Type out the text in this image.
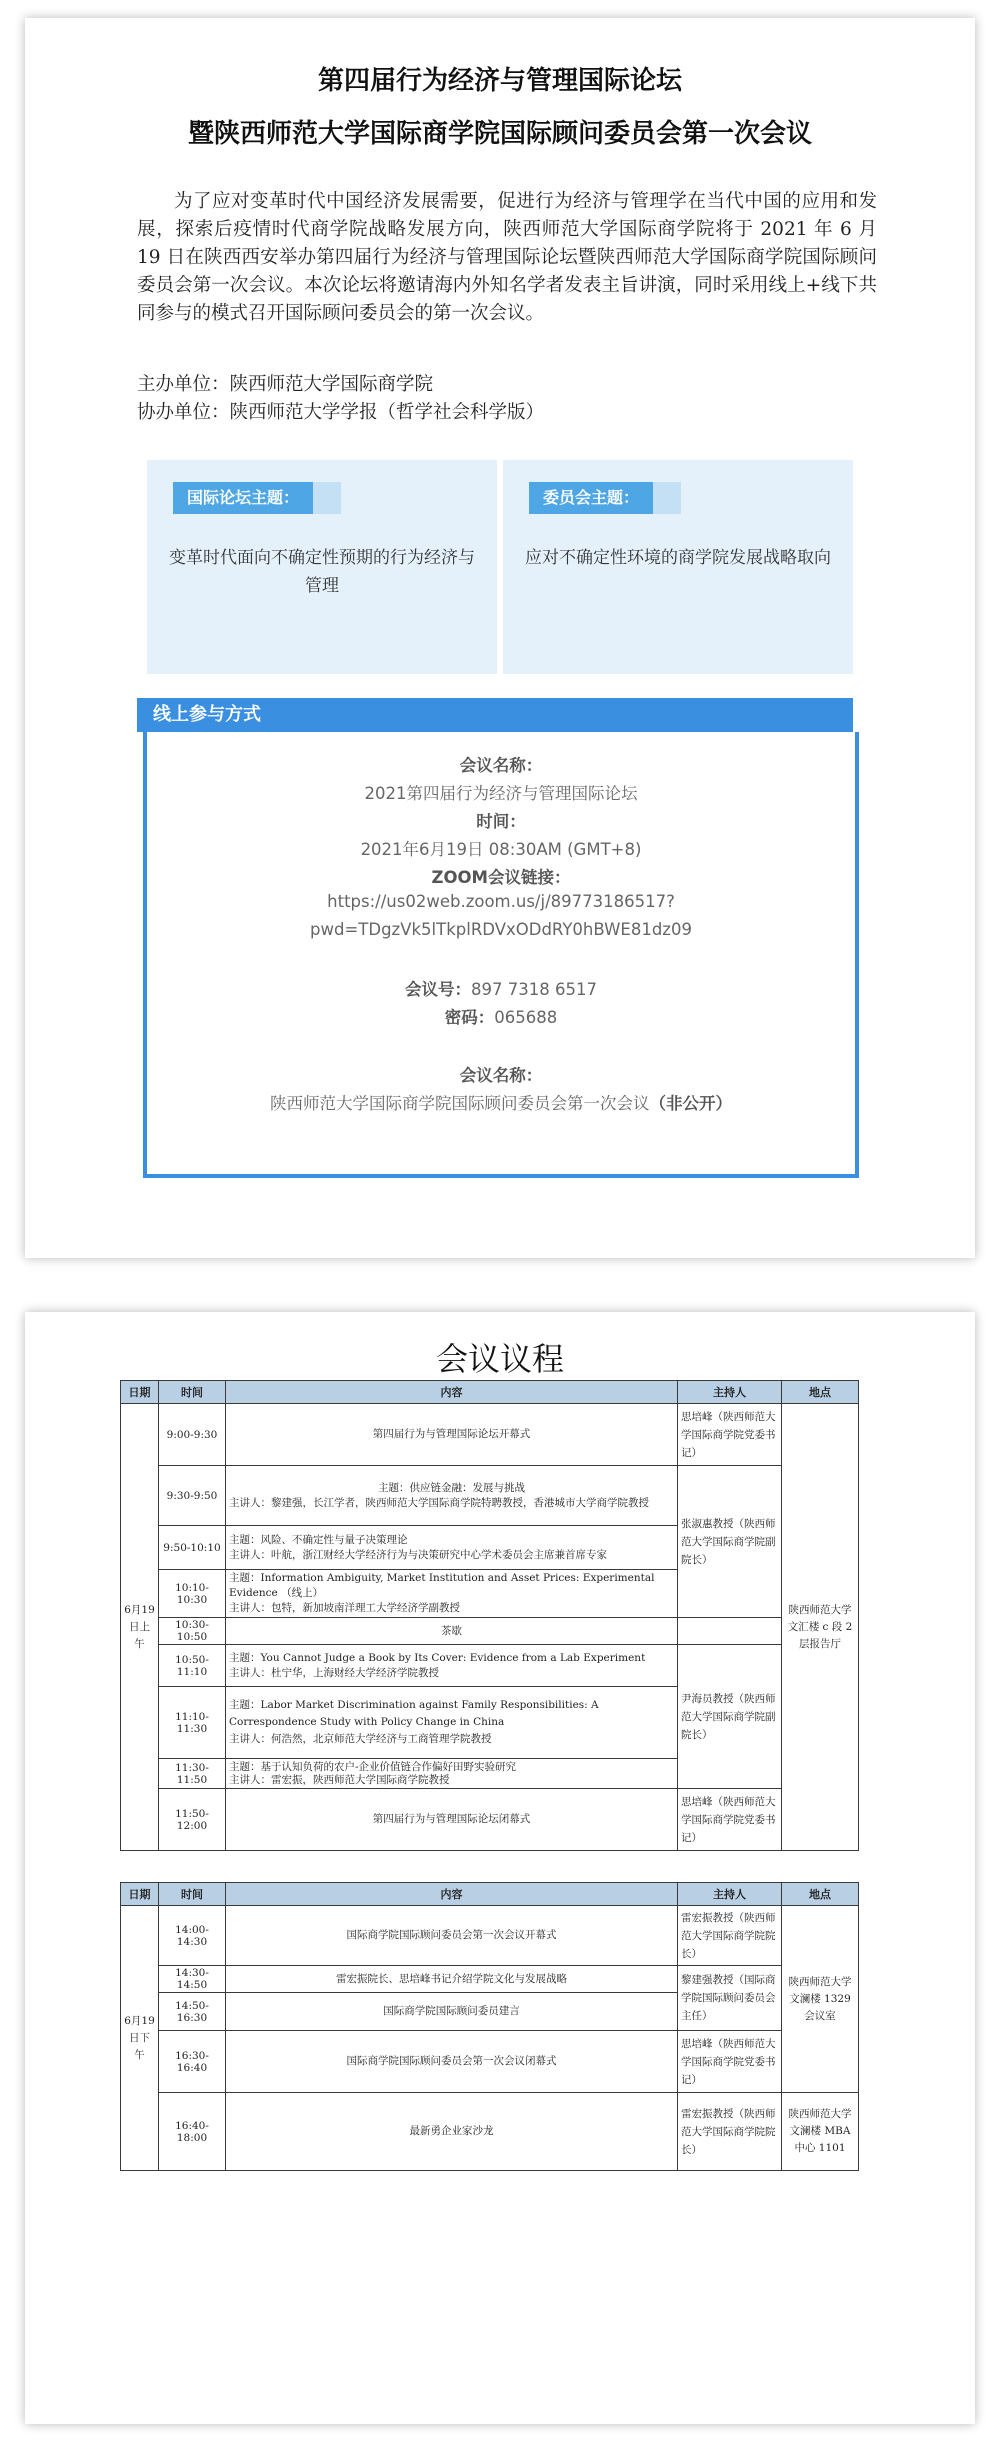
第四届行为经济与管理国际论坛
暨陕西师范大学国际商学院国际顾问委员会第一次会议

为了应对变革时代中国经济发展需要，促进行为经济与管理学在当代中国的应用和发展，探索后疫情时代商学院战略发展方向，陕西师范大学国际商学院将于 2021 年 6 月 19 日在陕西西安举办第四届行为经济与管理国际论坛暨陕西师范大学国际商学院国际顾问委员会第一次会议。本次论坛将邀请海内外知名学者发表主旨讲演，同时采用线上+线下共同参与的模式召开国际顾问委员会的第一次会议。

主办单位：陕西师范大学国际商学院
协办单位：陕西师范大学学报（哲学社会科学版）
国际论坛主题：
变革时代面向不确定性预期的行为经济与管理
委员会主题：
应对不确定性环境的商学院发展战略取向
线上参与方式
会议名称：
2021第四届行为经济与管理国际论坛
时间：
2021年6月19日 08:30AM (GMT+8)
ZOOM会议链接：
https://us02web.zoom.us/j/89773186517?
pwd=TDgzVk5lTkplRDVxODdRY0hBWE81dz09
会议号：897 7318 6517
密码：065688
会议名称：
陕西师范大学国际商学院国际顾问委员会第一次会议（非公开）
会议议程
日期	时间	内容	主持人	地点
6月19日上午	9:00-9:30	第四届行为与管理国际论坛开幕式	思培峰（陕西师范大学国际商学院党委书记）	陕西师范大学文汇楼 c 段 2 层报告厅
	9:30-9:50	主题：供应链金融：发展与挑战
主讲人：黎建强，长江学者，陕西师范大学国际商学院特聘教授，香港城市大学商学院教授	张淑惠教授（陕西师范大学国际商学院副院长）	
	9:50-10:10	主题：风险、不确定性与量子决策理论
主讲人：叶航，浙江财经大学经济行为与决策研究中心学术委员会主席兼首席专家		

	10:10-10:30	主题：Information Ambiguity, Market Institution and Asset Prices: Experimental Evidence （线上）
主讲人：包特，新加坡南洋理工大学经济学副教授		

	10:30-10:50	茶歇		
	10:50-11:10	主题：You Cannot Judge a Book by Its Cover: Evidence from a Lab Experiment
主讲人：杜宁华，上海财经大学经济学院教授	尹海员教授（陕西师范大学国际商学院副院长）	
	11:10-11:30	主题：Labor Market Discrimination against Family Responsibilities: A Correspondence Study with Policy Change in China
主讲人：何浩然，北京师范大学经济与工商管理学院教授		

	11:30-11:50	主题：基于认知负荷的农户-企业价值链合作偏好田野实验研究
主讲人：雷宏振，陕西师范大学国际商学院教授		

	11:50-12:00	第四届行为与管理国际论坛闭幕式	思培峰（陕西师范大学国际商学院党委书记）	
日期	时间	内容	主持人	地点
6月19日下午	14:00-14:30	国际商学院国际顾问委员会第一次会议开幕式	雷宏振教授（陕西师范大学国际商学院院长）	陕西师范大学文澜楼 1329 会议室
	14:30-14:50	雷宏振院长、思培峰书记介绍学院文化与发展战略	黎建强教授（国际商学院国际顾问委员会主任）	
	14:50-16:30	国际商学院国际顾问委员建言		
	16:30-16:40	国际商学院国际顾问委员会第一次会议闭幕式	思培峰（陕西师范大学国际商学院党委书记）	
	16:40-18:00	最新勇企业家沙龙	雷宏振教授（陕西师范大学国际商学院院长）	陕西师范大学文澜楼 MBA 中心 1101
